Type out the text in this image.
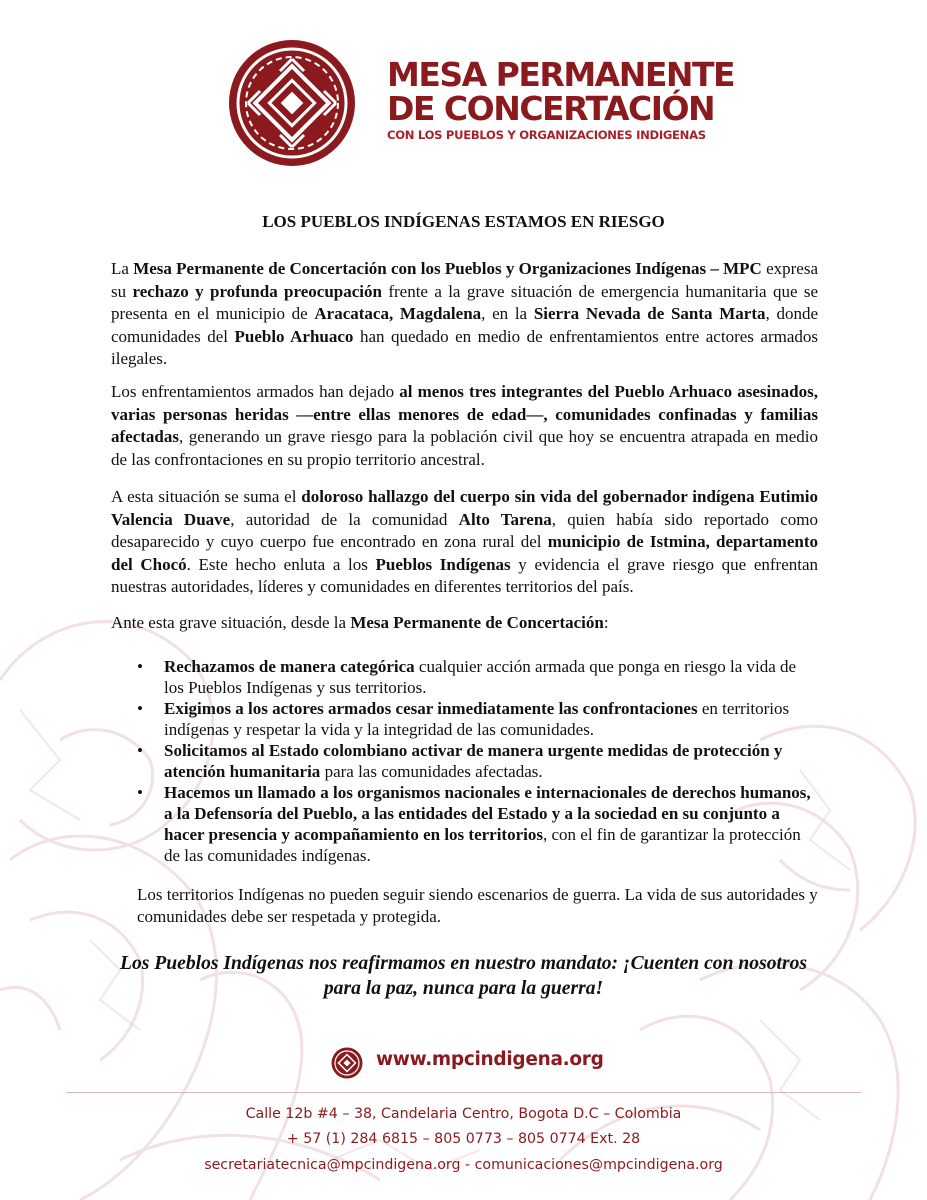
MESA PERMANENTE
DE CONCERTACIÓN
CON LOS PUEBLOS Y ORGANIZACIONES INDIGENAS
LOS PUEBLOS INDÍGENAS ESTAMOS EN RIESGO
La Mesa Permanente de Concertación con los Pueblos y Organizaciones Indígenas – MPC expresa su rechazo y profunda preocupación frente a la grave situación de emergencia humanitaria que se presenta en el municipio de Aracataca, Magdalena, en la Sierra Nevada de Santa Marta, donde comunidades del Pueblo Arhuaco han quedado en medio de enfrentamientos entre actores armados ilegales.
Los enfrentamientos armados han dejado al menos tres integrantes del Pueblo Arhuaco asesinados, varias personas heridas —entre ellas menores de edad—, comunidades confinadas y familias afectadas, generando un grave riesgo para la población civil que hoy se encuentra atrapada en medio de las confrontaciones en su propio territorio ancestral.
A esta situación se suma el doloroso hallazgo del cuerpo sin vida del gobernador indígena Eutimio Valencia Duave, autoridad de la comunidad Alto Tarena, quien había sido reportado como desaparecido y cuyo cuerpo fue encontrado en zona rural del municipio de Istmina, departamento del Chocó. Este hecho enluta a los Pueblos Indígenas y evidencia el grave riesgo que enfrentan nuestras autoridades, líderes y comunidades en diferentes territorios del país.
Ante esta grave situación, desde la Mesa Permanente de Concertación:
• Rechazamos de manera categórica cualquier acción armada que ponga en riesgo la vida de los Pueblos Indígenas y sus territorios.
• Exigimos a los actores armados cesar inmediatamente las confrontaciones en territorios indígenas y respetar la vida y la integridad de las comunidades.
• Solicitamos al Estado colombiano activar de manera urgente medidas de protección y atención humanitaria para las comunidades afectadas.
• Hacemos un llamado a los organismos nacionales e internacionales de derechos humanos, a la Defensoría del Pueblo, a las entidades del Estado y a la sociedad en su conjunto a hacer presencia y acompañamiento en los territorios, con el fin de garantizar la protección de las comunidades indígenas.
Los territorios Indígenas no pueden seguir siendo escenarios de guerra. La vida de sus autoridades y comunidades debe ser respetada y protegida.
Los Pueblos Indígenas nos reafirmamos en nuestro mandato: ¡Cuenten con nosotros para la paz, nunca para la guerra!
www.mpcindigena.org
Calle 12b #4 – 38, Candelaria Centro, Bogota D.C – Colombia
+ 57 (1) 284 6815 – 805 0773 – 805 0774 Ext. 28
secretariatecnica@mpcindigena.org - comunicaciones@mpcindigena.org
